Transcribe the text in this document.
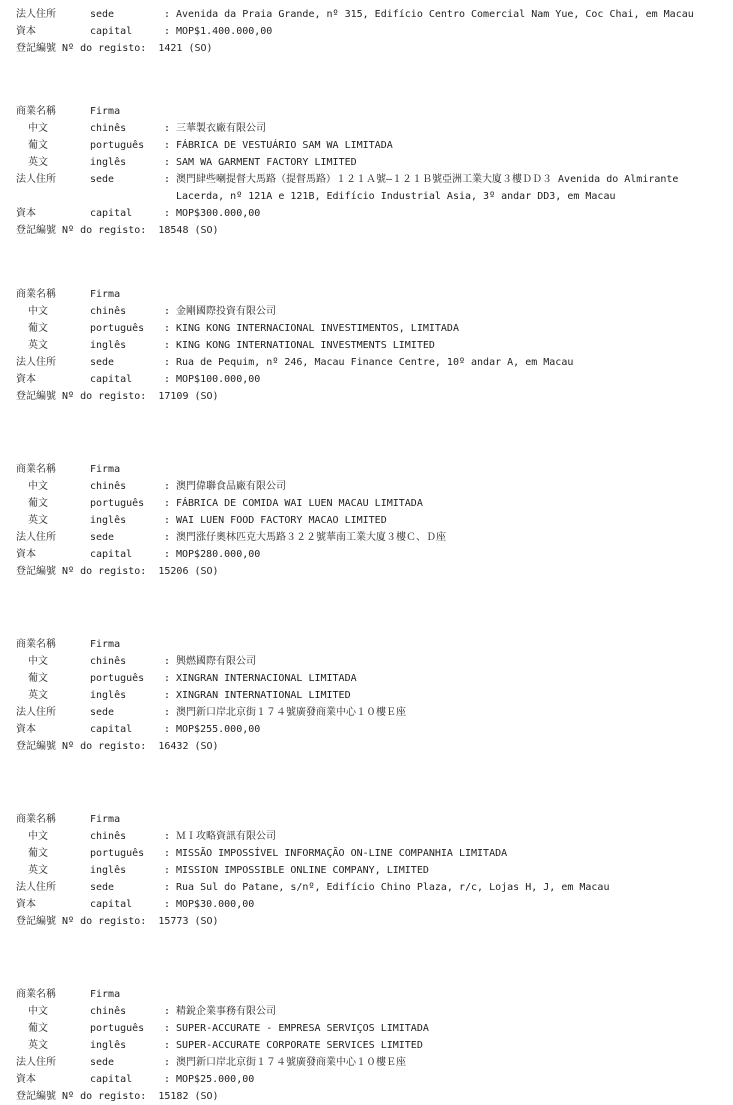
法人住所	sede	: Avenida da Praia Grande, nº 315, Edifício Centro Comercial Nam Yue, Coc Chai, em Macau
資本	capital	: MOP$1.400.000,00
登記編號 Nº do registo:
1421 (SO)
商業名稱	Firma
中文	chinês	: 三華製衣廠有限公司
葡文	português	: FÁBRICA DE VESTUÁRIO SAM WA LIMITADA
英文	inglês	: SAM WA GARMENT FACTORY LIMITED
法人住所	sede	: 澳門肆些喇提督大馬路（提督馬路）１２１Ａ號—１２１Ｂ號亞洲工業大廈３樓ＤＤ３ Avenida do Almirante Lacerda, nº 121A e 121B, Edifício Industrial Asia, 3º andar DD3, em Macau
資本	capital	: MOP$300.000,00
登記編號 Nº do registo:
18548 (SO)
商業名稱	Firma
中文	chinês	: 金剛國際投資有限公司
葡文	português	: KING KONG INTERNACIONAL INVESTIMENTOS, LIMITADA
英文	inglês	: KING KONG INTERNATIONAL INVESTMENTS LIMITED
法人住所	sede	: Rua de Pequim, nº 246, Macau Finance Centre, 10º andar A, em Macau
資本	capital	: MOP$100.000,00
登記編號 Nº do registo:
17109 (SO)
商業名稱	Firma
中文	chinês	: 澳門偉聯食品廠有限公司
葡文	português	: FÁBRICA DE COMIDA WAI LUEN MACAU LIMITADA
英文	inglês	: WAI LUEN FOOD FACTORY MACAO LIMITED
法人住所	sede	: 澳門涨仔奧林匹克大馬路３２２號華南工業大廈３樓Ｃ、Ｄ座
資本	capital	: MOP$280.000,00
登記編號 Nº do registo:
15206 (SO)
商業名稱	Firma
中文	chinês	: 興燃國際有限公司
葡文	português	: XINGRAN INTERNACIONAL LIMITADA
英文	inglês	: XINGRAN INTERNATIONAL LIMITED
法人住所	sede	: 澳門新口岸北京街１７４號廣發商業中心１０樓Ｅ座
資本	capital	: MOP$255.000,00
登記編號 Nº do registo:
16432 (SO)
商業名稱	Firma
中文	chinês	: ＭＩ攻略資訊有限公司
葡文	português	: MISSÃO IMPOSSÍVEL INFORMAÇÃO ON-LINE COMPANHIA LIMITADA
英文	inglês	: MISSION IMPOSSIBLE ONLINE COMPANY, LIMITED
法人住所	sede	: Rua Sul do Patane, s/nº, Edifício Chino Plaza, r/c, Lojas H, J, em Macau
資本	capital	: MOP$30.000,00
登記編號 Nº do registo:
15773 (SO)
商業名稱	Firma
中文	chinês	: 精銳企業事務有限公司
葡文	português	: SUPER-ACCURATE - EMPRESA SERVIÇOS LIMITADA
英文	inglês	: SUPER-ACCURATE CORPORATE SERVICES LIMITED
法人住所	sede	: 澳門新口岸北京街１７４號廣發商業中心１０樓Ｅ座
資本	capital	: MOP$25.000,00
登記編號 Nº do registo:
15182 (SO)
